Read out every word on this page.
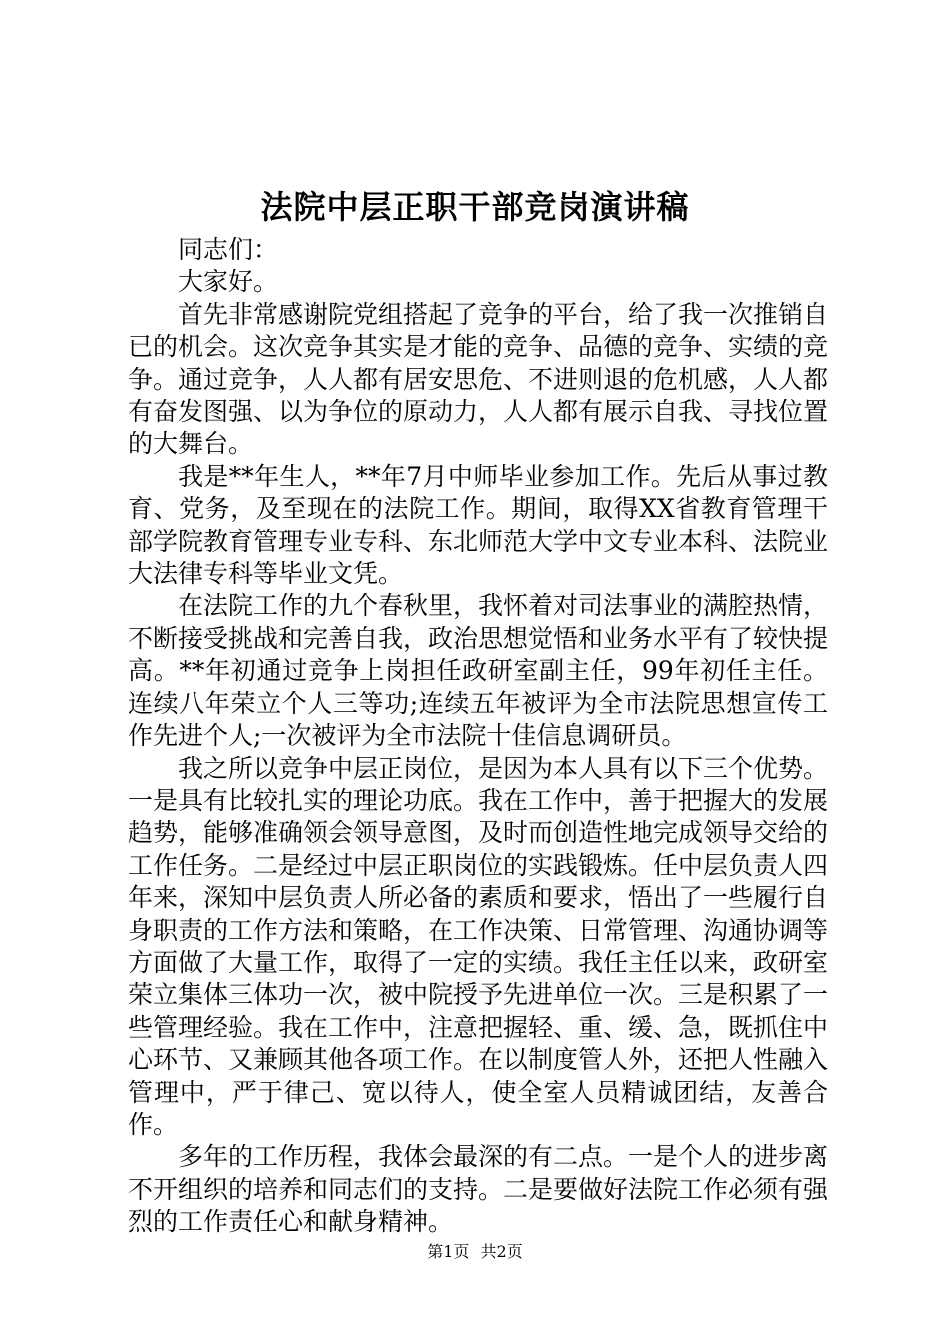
法院中层正职干部竞岗演讲稿

同志们：

大家好。

首先非常感谢院党组搭起了竞争的平台，给了我一次推销自已的机会。这次竞争其实是才能的竞争、品德的竞争、实绩的竞争。通过竞争，人人都有居安思危、不进则退的危机感，人人都有奋发图强、以为争位的原动力，人人都有展示自我、寻找位置的大舞台。

我是**年生人，**年7月中师毕业参加工作。先后从事过教育、党务，及至现在的法院工作。期间，取得XX省教育管理干部学院教育管理专业专科、东北师范大学中文专业本科、法院业大法律专科等毕业文凭。

在法院工作的九个春秋里，我怀着对司法事业的满腔热情，不断接受挑战和完善自我，政治思想觉悟和业务水平有了较快提高。**年初通过竞争上岗担任政研室副主任，99年初任主任。连续八年荣立个人三等功;连续五年被评为全市法院思想宣传工作先进个人;一次被评为全市法院十佳信息调研员。

我之所以竞争中层正岗位，是因为本人具有以下三个优势。一是具有比较扎实的理论功底。我在工作中，善于把握大的发展趋势，能够准确领会领导意图，及时而创造性地完成领导交给的工作任务。二是经过中层正职岗位的实践锻炼。任中层负责人四年来，深知中层负责人所必备的素质和要求，悟出了一些履行自身职责的工作方法和策略，在工作决策、日常管理、沟通协调等方面做了大量工作，取得了一定的实绩。我任主任以来，政研室荣立集体三体功一次，被中院授予先进单位一次。三是积累了一些管理经验。我在工作中，注意把握轻、重、缓、急，既抓住中心环节、又兼顾其他各项工作。在以制度管人外，还把人性融入管理中，严于律己、宽以待人，使全室人员精诚团结，友善合作。

多年的工作历程，我体会最深的有二点。一是个人的进步离不开组织的培养和同志们的支持。二是要做好法院工作必须有强烈的工作责任心和献身精神。

第1页 共2页
